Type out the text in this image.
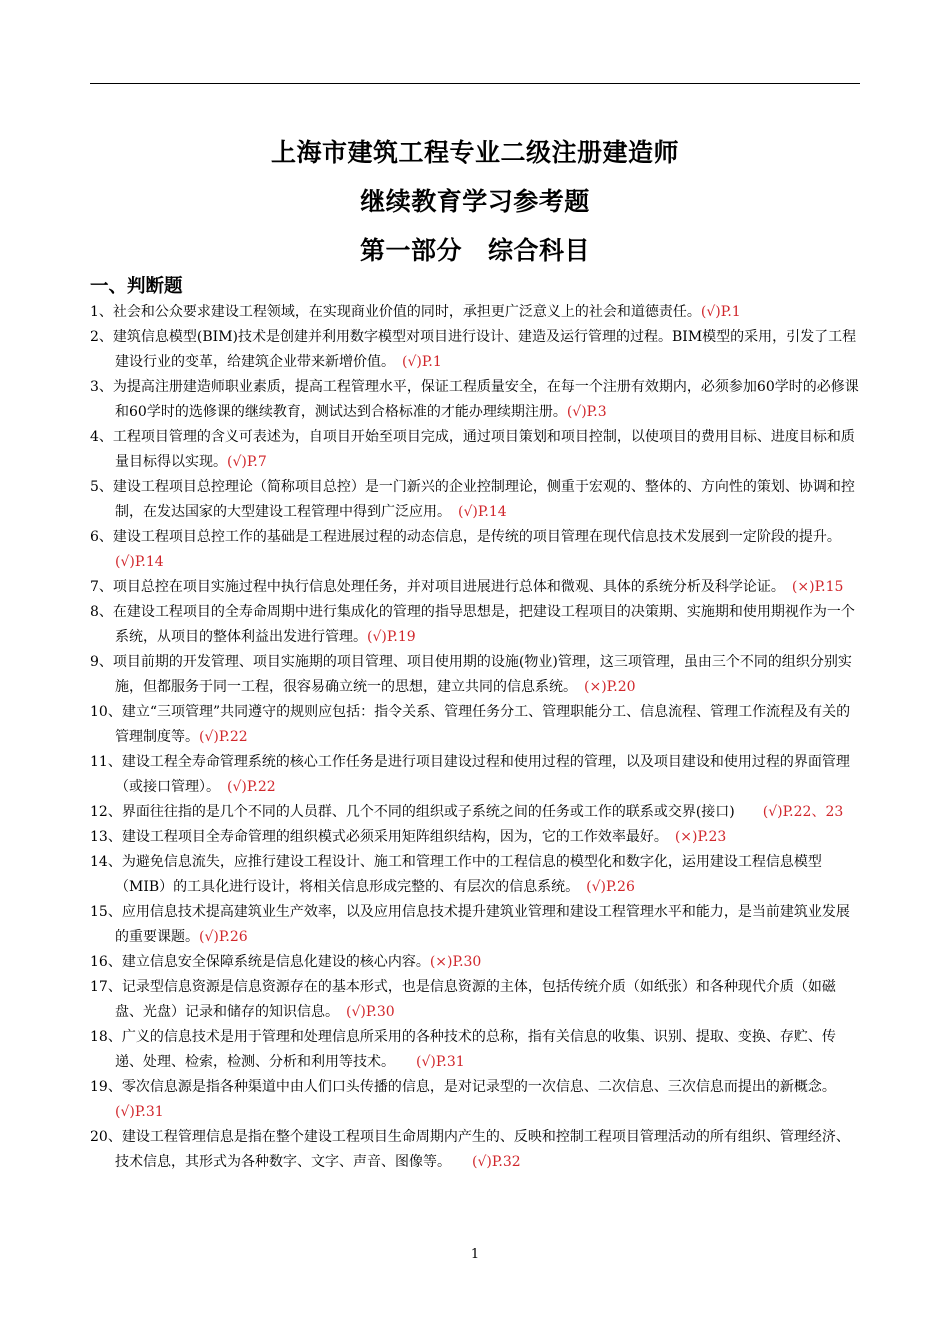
上海市建筑工程专业二级注册建造师
继续教育学习参考题
第一部分 综合科目
一、判断题
1、社会和公众要求建设工程领域，在实现商业价值的同时，承担更广泛意义上的社会和道德责任。(√)P.1
2、建筑信息模型(BIM)技术是创建并利用数字模型对项目进行设计、建造及运行管理的过程。BIM模型的采用，引发了工程建设行业的变革，给建筑企业带来新增价值。　(√)P.1
3、为提高注册建造师职业素质，提高工程管理水平，保证工程质量安全，在每一个注册有效期内，必须参加60学时的必修课和60学时的选修课的继续教育，测试达到合格标准的才能办理续期注册。(√)P.3
4、工程项目管理的含义可表述为，自项目开始至项目完成，通过项目策划和项目控制，以使项目的费用目标、进度目标和质量目标得以实现。(√)P.7
5、建设工程项目总控理论（简称项目总控）是一门新兴的企业控制理论，侧重于宏观的、整体的、方向性的策划、协调和控制，在发达国家的大型建设工程管理中得到广泛应用。　(√)P.14
6、建设工程项目总控工作的基础是工程进展过程的动态信息，是传统的项目管理在现代信息技术发展到一定阶段的提升。(√)P.14
7、项目总控在项目实施过程中执行信息处理任务，并对项目进展进行总体和微观、具体的系统分析及科学论证。　(×)P.15
8、在建设工程项目的全寿命周期中进行集成化的管理的指导思想是，把建设工程项目的决策期、实施期和使用期视作为一个系统，从项目的整体利益出发进行管理。(√)P.19
9、项目前期的开发管理、项目实施期的项目管理、项目使用期的设施(物业)管理，这三项管理，虽由三个不同的组织分别实施，但都服务于同一工程，很容易确立统一的思想，建立共同的信息系统。　(×)P.20
10、建立“三项管理”共同遵守的规则应包括：指令关系、管理任务分工、管理职能分工、信息流程、管理工作流程及有关的管理制度等。(√)P.22
11、建设工程全寿命管理系统的核心工作任务是进行项目建设过程和使用过程的管理，以及项目建设和使用过程的界面管理（或接口管理）。　(√)P.22
12、界面往往指的是几个不同的人员群、几个不同的组织或子系统之间的任务或工作的联系或交界(接口)　　(√)P.22、23
13、建设工程项目全寿命管理的组织模式必须采用矩阵组织结构，因为，它的工作效率最好。　(×)P.23
14、为避免信息流失，应推行建设工程设计、施工和管理工作中的工程信息的模型化和数字化，运用建设工程信息模型（MIB）的工具化进行设计，将相关信息形成完整的、有层次的信息系统。　(√)P.26
15、应用信息技术提高建筑业生产效率，以及应用信息技术提升建筑业管理和建设工程管理水平和能力，是当前建筑业发展的重要课题。(√)P.26
16、建立信息安全保障系统是信息化建设的核心内容。(×)P.30
17、记录型信息资源是信息资源存在的基本形式，也是信息资源的主体，包括传统介质（如纸张）和各种现代介质（如磁盘、光盘）记录和储存的知识信息。　(√)P.30
18、广义的信息技术是用于管理和处理信息所采用的各种技术的总称，指有关信息的收集、识别、提取、变换、存贮、传递、处理、检索，检测、分析和利用等技术。　　(√)P.31
19、零次信息源是指各种渠道中由人们口头传播的信息，是对记录型的一次信息、二次信息、三次信息而提出的新概念。(√)P.31
20、建设工程管理信息是指在整个建设工程项目生命周期内产生的、反映和控制工程项目管理活动的所有组织、管理经济、技术信息，其形式为各种数字、文字、声音、图像等。　　(√)P.32
1
